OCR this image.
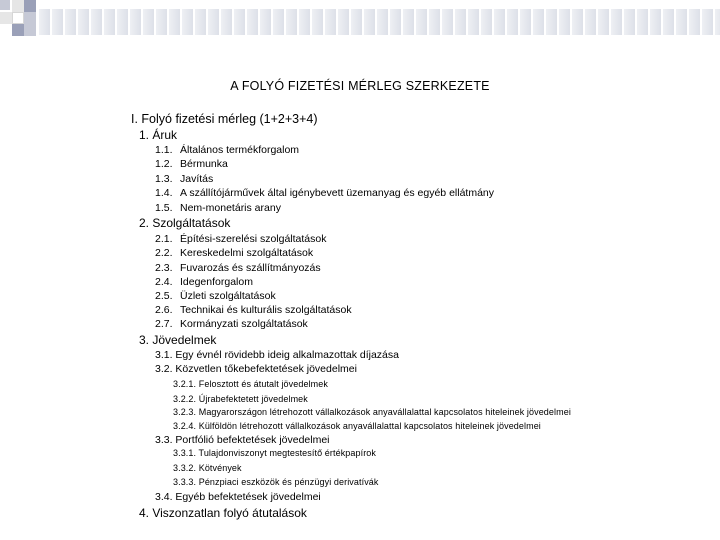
A FOLYÓ FIZETÉSI MÉRLEG SZERKEZETE
I. Folyó fizetési mérleg (1+2+3+4)
1. Áruk
1.1. Általános termékforgalom
1.2. Bérmunka
1.3. Javítás
1.4. A szállítójárművek által igénybevett üzemanyag és egyéb ellátmány
1.5. Nem-monetáris arany
2. Szolgáltatások
2.1. Építési-szerelési szolgáltatások
2.2. Kereskedelmi szolgáltatások
2.3. Fuvarozás és szállítmányozás
2.4. Idegenforgalom
2.5. Üzleti szolgáltatások
2.6. Technikai és kulturális szolgáltatások
2.7. Kormányzati szolgáltatások
3. Jövedelmek
3.1. Egy évnél rövidebb ideig alkalmazottak díjazása
3.2. Közvetlen tőkebefektetések jövedelmei
3.2.1. Felosztott és átutalt jövedelmek
3.2.2. Újrabefektetett jövedelmek
3.2.3. Magyarországon létrehozott vállalkozások anyavállalattal kapcsolatos hiteleinek jövedelmei
3.2.4. Külföldön létrehozott vállalkozások anyavállalattal kapcsolatos hiteleinek jövedelmei
3.3. Portfólió befektetések jövedelmei
3.3.1. Tulajdonviszonyt megtestesítő értékpapírok
3.3.2. Kötvények
3.3.3. Pénzpiaci eszközök és pénzügyi derivatívák
3.4. Egyéb befektetések jövedelmei
4. Viszonzatlan folyó átutalások
